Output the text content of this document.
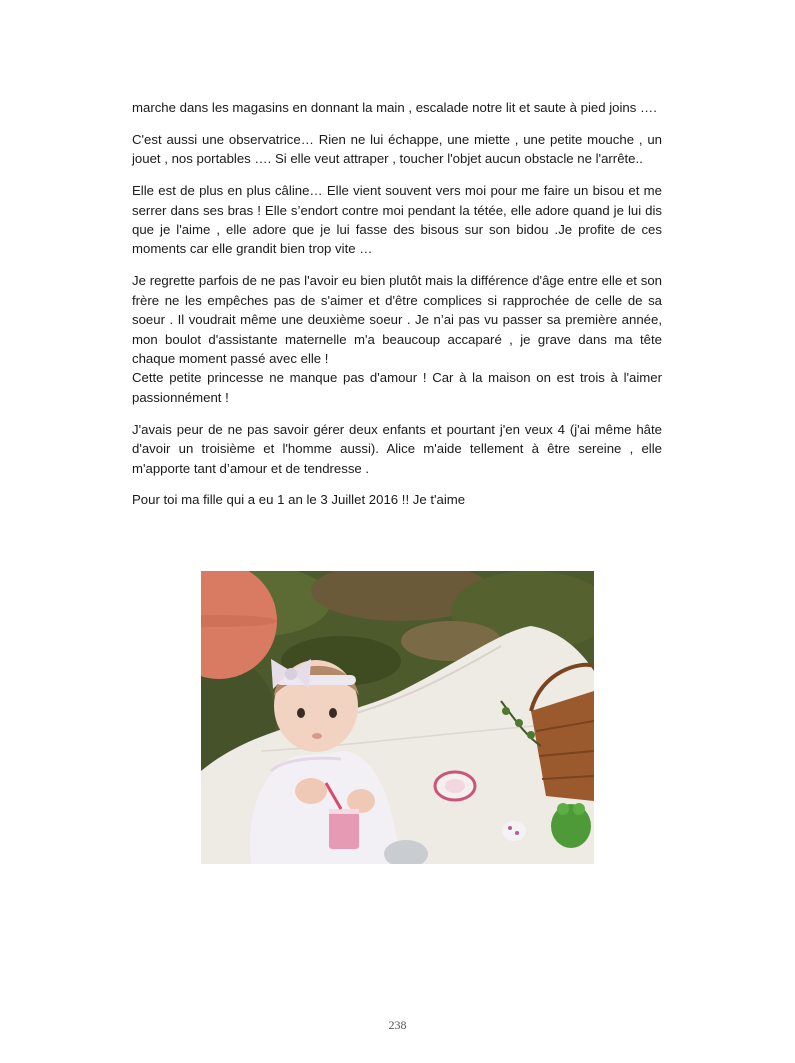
marche dans les magasins en donnant la main , escalade notre lit et saute à pied joins ….

C'est aussi une observatrice… Rien ne lui échappe, une miette , une petite mouche , un jouet , nos portables …. Si elle veut attraper , toucher l'objet aucun obstacle ne l'arrête..

Elle est de plus en plus câline… Elle vient souvent vers moi pour me faire un bisou et me serrer dans ses bras ! Elle s’endort contre moi pendant la tétée, elle adore quand je lui dis que je l'aime , elle adore que je lui fasse des bisous sur son bidou .Je profite de ces moments car elle grandit bien trop vite …

Je regrette parfois de ne pas l'avoir eu bien plutôt mais la différence d'âge entre elle et son frère ne les empêches pas de s'aimer et d'être complices si rapprochée de celle de sa soeur . Il voudrait même une deuxième soeur . Je n’ai pas vu passer sa première année, mon boulot d'assistante maternelle m'a beaucoup accaparé , je grave dans ma tête chaque moment passé avec elle !

Cette petite princesse ne manque pas d'amour ! Car à la maison on est trois à l'aimer passionnément !

J'avais peur de ne pas savoir gérer deux enfants et pourtant j'en veux 4 (j'ai même hâte d'avoir un troisième et l'homme aussi). Alice m'aide tellement à être sereine , elle m'apporte tant d’amour et de tendresse .

Pour toi ma fille qui a eu 1 an le 3 Juillet 2016 !! Je t'aime

238
